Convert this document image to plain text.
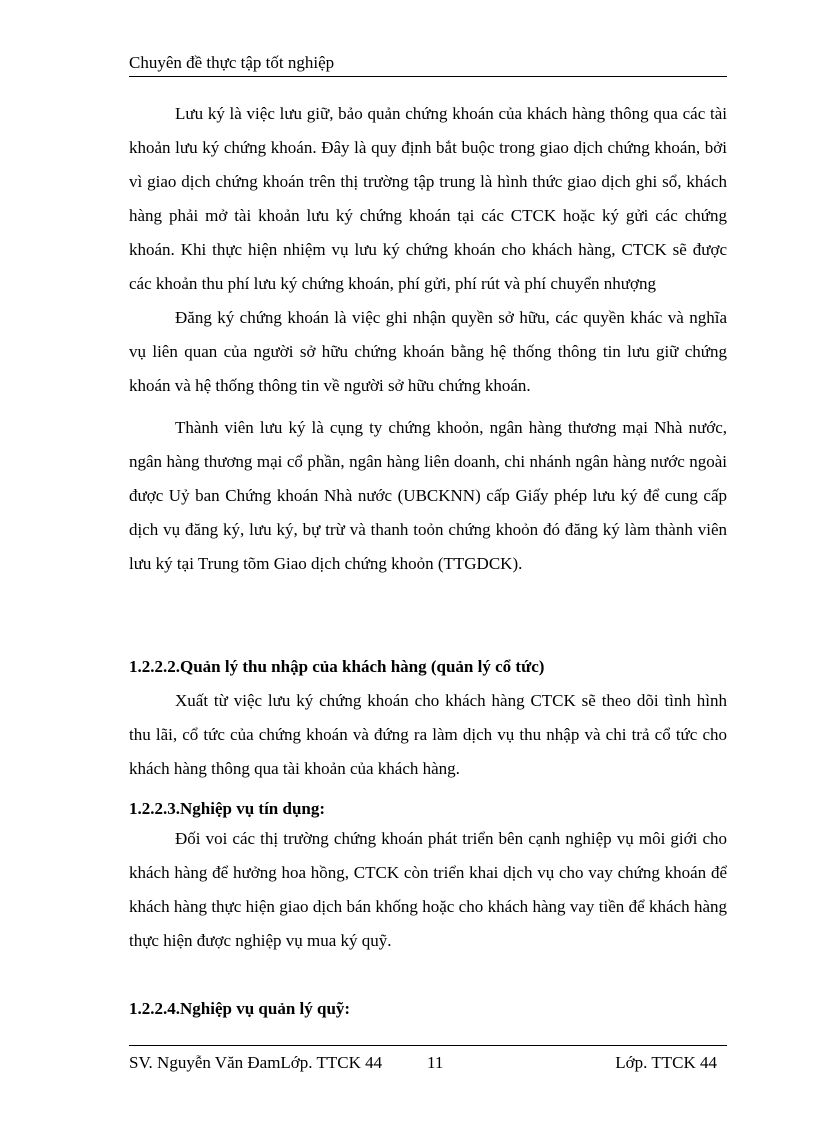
Chuyên đề thực tập tốt nghiệp

Lưu ký là việc lưu giữ, bảo quản chứng khoán của khách hàng thông qua các tài khoản lưu ký chứng khoán. Đây là quy định bắt buộc trong giao dịch chứng khoán, bởi vì giao dịch chứng khoán trên thị trường tập trung là hình thức giao dịch ghi sổ, khách hàng phải mở tài khoản lưu ký chứng khoán tại các CTCK hoặc ký gửi các chứng khoán. Khi thực hiện nhiệm vụ lưu ký chứng khoán cho khách hàng, CTCK sẽ được các khoản thu phí lưu ký chứng khoán, phí gửi, phí rút và phí chuyển nhượng

Đăng ký chứng khoán là việc ghi nhận quyền sở hữu, các quyền khác và nghĩa vụ liên quan của người sở hữu chứng khoán bằng hệ thống thông tin lưu giữ chứng khoán và hệ thống thông tin về người sở hữu chứng khoán.

Thành viên lưu ký là cụng ty chứng khoỏn, ngân hàng thương mại Nhà nước, ngân hàng thương mại cổ phần, ngân hàng liên doanh, chi nhánh ngân hàng nước ngoài được Uỷ ban Chứng khoán Nhà nước (UBCKNN) cấp Giấy phép lưu ký để cung cấp dịch vụ đăng ký, lưu ký, bự trừ và thanh toỏn chứng khoỏn đó đăng ký làm thành viên lưu ký tại Trung tõm Giao dịch chứng khoỏn (TTGDCK).

1.2.2.2.Quản lý thu nhập của khách hàng (quản lý cổ tức)

Xuất từ việc lưu ký chứng khoán cho khách hàng CTCK sẽ theo dõi tình hình thu lãi, cổ tức của chứng khoán và đứng ra làm dịch vụ thu nhập và chi trả cổ tức cho khách hàng thông qua tài khoản của khách hàng.

1.2.2.3.Nghiệp vụ tín dụng:

Đối voi các thị trường chứng khoán phát triển bên cạnh nghiệp vụ môi giới cho khách hàng để hưởng hoa hồng, CTCK còn triển khai dịch vụ cho vay chứng khoán để khách hàng thực hiện giao dịch bán khống hoặc cho khách hàng vay tiền để khách hàng thực hiện được nghiệp vụ mua ký quỹ.

1.2.2.4.Nghiệp vụ quản lý quỹ:
SV. Nguyễn Văn ĐamLớp. TTCK 44	11	Lớp. TTCK 44
